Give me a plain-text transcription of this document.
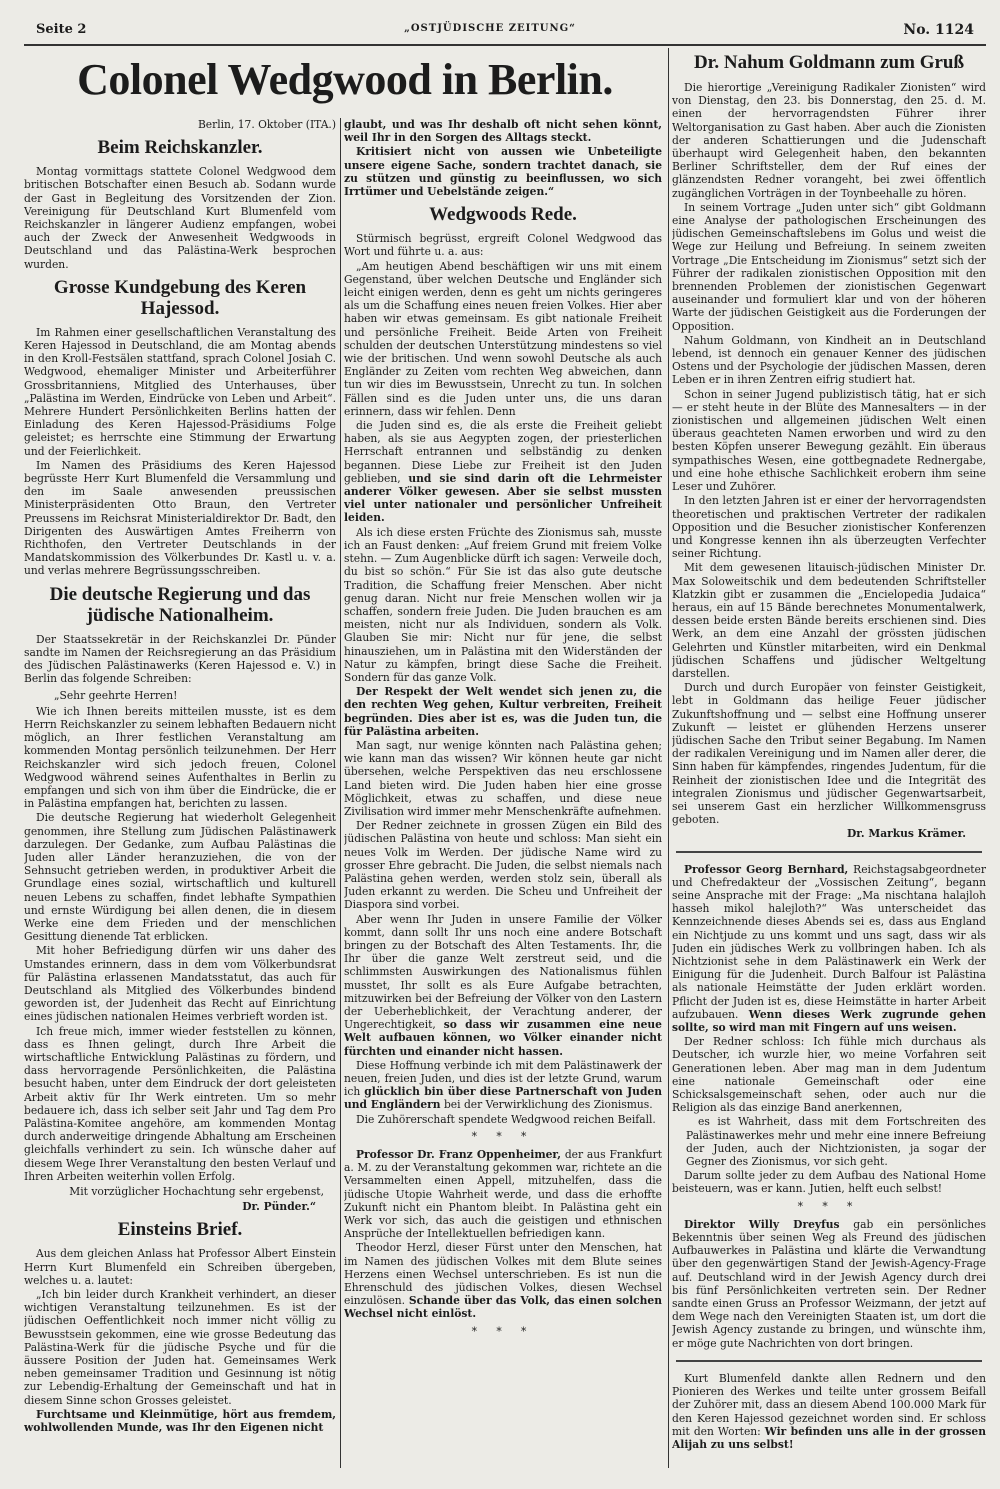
Seite 2	„OSTJÜDISCHE ZEITUNG“	No. 1124
Colonel Wedgwood in Berlin.
Berlin, 17. Oktober (ITA.)
Beim Reichskanzler.

Montag vormittags stattete Colonel Wedgwood dem britischen Botschafter einen Besuch ab. Sodann wurde der Gast in Begleitung des Vorsitzenden der Zion. Vereinigung für Deutschland Kurt Blumenfeld vom Reichskanzler in längerer Audienz empfangen, wobei auch der Zweck der Anwesenheit Wedgwoods in Deutschland und das Palästina-Werk besprochen wurden.

Grosse Kundgebung des Keren Hajessod.

Im Rahmen einer gesellschaftlichen Veranstaltung des Keren Hajessod in Deutschland, die am Montag abends in den Kroll-Festsälen stattfand, sprach Colonel Josiah C. Wedgwood, ehemaliger Minister und Arbeiterführer Grossbritanniens, Mitglied des Unterhauses, über „Palästina im Werden, Eindrücke von Leben und Arbeit“. Mehrere Hundert Persönlichkeiten Berlins hatten der Einladung des Keren Hajessod-Präsidiums Folge geleistet; es herrschte eine Stimmung der Erwartung und der Feierlichkeit.

Im Namen des Präsidiums des Keren Hajessod begrüsste Herr Kurt Blumenfeld die Versammlung und den im Saale anwesenden preussischen Ministerpräsidenten Otto Braun, den Vertreter Preussens im Reichsrat Ministerialdirektor Dr. Badt, den Dirigenten des Auswärtigen Amtes Freiherrn von Richthofen, den Vertreter Deutschlands in der Mandatskommission des Völkerbundes Dr. Kastl u. v. a. und verlas mehrere Begrüssungsschreiben.

Die deutsche Regierung und das jüdische Nationalheim.

Der Staatssekretär in der Reichskanzlei Dr. Pünder sandte im Namen der Reichsregierung an das Präsidium des Jüdischen Palästinawerks (Keren Hajessod e. V.) in Berlin das folgende Schreiben:

„Sehr geehrte Herren!

Wie ich Ihnen bereits mitteilen musste, ist es dem Herrn Reichskanzler zu seinem lebhaften Bedauern nicht möglich, an Ihrer festlichen Veranstaltung am kommenden Montag persönlich teilzunehmen. Der Herr Reichskanzler wird sich jedoch freuen, Colonel Wedgwood während seines Aufenthaltes in Berlin zu empfangen und sich von ihm über die Eindrücke, die er in Palästina empfangen hat, berichten zu lassen.

Die deutsche Regierung hat wiederholt Gelegenheit genommen, ihre Stellung zum Jüdischen Palästinawerk darzulegen. Der Gedanke, zum Aufbau Palästinas die Juden aller Länder heranzuziehen, die von der Sehnsucht getrieben werden, in produktiver Arbeit die Grundlage eines sozial, wirtschaftlich und kulturell neuen Lebens zu schaffen, findet lebhafte Sympathien und ernste Würdigung bei allen denen, die in diesem Werke eine dem Frieden und der menschlichen Gesittung dienende Tat erblicken.

Mit hoher Befriedigung dürfen wir uns daher des Umstandes erinnern, dass in dem vom Völkerbundsrat für Palästina erlassenen Mandatsstatut, das auch für Deutschland als Mitglied des Völkerbundes bindend geworden ist, der Judenheit das Recht auf Einrichtung eines jüdischen nationalen Heimes verbrieft worden ist.

Ich freue mich, immer wieder feststellen zu können, dass es Ihnen gelingt, durch Ihre Arbeit die wirtschaftliche Entwicklung Palästinas zu fördern, und dass hervorragende Persönlichkeiten, die Palästina besucht haben, unter dem Eindruck der dort geleisteten Arbeit aktiv für Ihr Werk eintreten. Um so mehr bedauere ich, dass ich selber seit Jahr und Tag dem Pro Palästina-Komitee angehöre, am kommenden Montag durch anderweitige dringende Abhaltung am Erscheinen gleichfalls verhindert zu sein. Ich wünsche daher auf diesem Wege Ihrer Veranstaltung den besten Verlauf und Ihren Arbeiten weiterhin vollen Erfolg.

Mit vorzüglicher Hochachtung sehr ergebenst,
Dr. Pünder.“
Einsteins Brief.

Aus dem gleichen Anlass hat Professor Albert Einstein Herrn Kurt Blumenfeld ein Schreiben übergeben, welches u. a. lautet:

„Ich bin leider durch Krankheit verhindert, an dieser wichtigen Veranstaltung teilzunehmen. Es ist der jüdischen Oeffentlichkeit noch immer nicht völlig zu Bewusstsein gekommen, eine wie grosse Bedeutung das Palästina-Werk für die jüdische Psyche und für die äussere Position der Juden hat. Gemeinsames Werk neben gemeinsamer Tradition und Gesinnung ist nötig zur Lebendig-Erhaltung der Gemeinschaft und hat in diesem Sinne schon Grosses geleistet.

Furchtsame und Kleinmütige, hört aus fremdem, wohlwollenden Munde, was Ihr den Eigenen nicht

glaubt, und was Ihr deshalb oft nicht sehen könnt, weil Ihr in den Sorgen des Alltags steckt.

Kritisiert nicht von aussen wie Unbeteiligte unsere eigene Sache, sondern trachtet danach, sie zu stützen und günstig zu beeinflussen, wo sich Irrtümer und Uebelstände zeigen.“

Wedgwoods Rede.

Stürmisch begrüsst, ergreift Colonel Wedgwood das Wort und führte u. a. aus:

„Am heutigen Abend beschäftigen wir uns mit einem Gegenstand, über welchen Deutsche und Engländer sich leicht einigen werden, denn es geht um nichts geringeres als um die Schaffung eines neuen freien Volkes. Hier aber haben wir etwas gemeinsam. Es gibt nationale Freiheit und persönliche Freiheit. Beide Arten von Freiheit schulden der deutschen Unterstützung mindestens so viel wie der britischen. Und wenn sowohl Deutsche als auch Engländer zu Zeiten vom rechten Weg abweichen, dann tun wir dies im Bewusstsein, Unrecht zu tun. In solchen Fällen sind es die Juden unter uns, die uns daran erinnern, dass wir fehlen. Denn

die Juden sind es, die als erste die Freiheit geliebt haben, als sie aus Aegypten zogen, der priesterlichen Herrschaft entrannen und selbständig zu denken begannen. Diese Liebe zur Freiheit ist den Juden geblieben, und sie sind darin oft die Lehrmeister anderer Völker gewesen. Aber sie selbst mussten viel unter nationaler und persönlicher Unfreiheit leiden.

Als ich diese ersten Früchte des Zionismus sah, musste ich an Faust denken: „Auf freiem Grund mit freiem Volke stehn. — Zum Augenblicke dürft ich sagen: Verweile doch, du bist so schön.“ Für Sie ist das also gute deutsche Tradition, die Schaffung freier Menschen. Aber nicht genug daran. Nicht nur freie Menschen wollen wir ja schaffen, sondern freie Juden. Die Juden brauchen es am meisten, nicht nur als Individuen, sondern als Volk. Glauben Sie mir: Nicht nur für jene, die selbst hinausziehen, um in Palästina mit den Widerständen der Natur zu kämpfen, bringt diese Sache die Freiheit. Sondern für das ganze Volk.

Der Respekt der Welt wendet sich jenen zu, die den rechten Weg gehen, Kultur verbreiten, Freiheit begründen. Dies aber ist es, was die Juden tun, die für Palästina arbeiten.

Man sagt, nur wenige könnten nach Palästina gehen; wie kann man das wissen? Wir können heute gar nicht übersehen, welche Perspektiven das neu erschlossene Land bieten wird. Die Juden haben hier eine grosse Möglichkeit, etwas zu schaffen, und diese neue Zivilisation wird immer mehr Menschenkräfte aufnehmen.

Der Redner zeichnete in grossen Zügen ein Bild des jüdischen Palästina von heute und schloss: Man sieht ein neues Volk im Werden. Der jüdische Name wird zu grosser Ehre gebracht. Die Juden, die selbst niemals nach Palästina gehen werden, werden stolz sein, überall als Juden erkannt zu werden. Die Scheu und Unfreiheit der Diaspora sind vorbei.

Aber wenn Ihr Juden in unsere Familie der Völker kommt, dann sollt Ihr uns noch eine andere Botschaft bringen zu der Botschaft des Alten Testaments. Ihr, die Ihr über die ganze Welt zerstreut seid, und die schlimmsten Auswirkungen des Nationalismus fühlen musstet, Ihr sollt es als Eure Aufgabe betrachten, mitzuwirken bei der Befreiung der Völker von den Lastern der Ueberheblichkeit, der Verachtung anderer, der Ungerechtigkeit, so dass wir zusammen eine neue Welt aufbauen können, wo Völker einander nicht fürchten und einander nicht hassen.

Diese Hoffnung verbinde ich mit dem Palästinawerk der neuen, freien Juden, und dies ist der letzte Grund, warum ich glücklich bin über diese Partnerschaft von Juden und Engländern bei der Verwirklichung des Zionismus.

Die Zuhörerschaft spendete Wedgwood reichen Beifall.

* * *

Professor Dr. Franz Oppenheimer, der aus Frankfurt a. M. zu der Veranstaltung gekommen war, richtete an die Versammelten einen Appell, mitzuhelfen, dass die jüdische Utopie Wahrheit werde, und dass die erhoffte Zukunft nicht ein Phantom bleibt. In Palästina geht ein Werk vor sich, das auch die geistigen und ethnischen Ansprüche der Intellektuellen befriedigen kann.

Theodor Herzl, dieser Fürst unter den Menschen, hat im Namen des jüdischen Volkes mit dem Blute seines Herzens einen Wechsel unterschrieben. Es ist nun die Ehrenschuld des jüdischen Volkes, diesen Wechsel einzulösen. Schande über das Volk, das einen solchen Wechsel nicht einlöst.

* * *
Dr. Nahum Goldmann zum Gruß

Die hierortige „Vereinigung Radikaler Zionisten“ wird von Dienstag, den 23. bis Donnerstag, den 25. d. M. einen der hervorragendsten Führer ihrer Weltorganisation zu Gast haben. Aber auch die Zionisten der anderen Schattierungen und die Judenschaft überhaupt wird Gelegenheit haben, den bekannten Berliner Schriftsteller, dem der Ruf eines der glänzendsten Redner vorangeht, bei zwei öffentlich zugänglichen Vorträgen in der Toynbeehalle zu hören.

In seinem Vortrage „Juden unter sich“ gibt Goldmann eine Analyse der pathologischen Erscheinungen des jüdischen Gemeinschaftslebens im Golus und weist die Wege zur Heilung und Befreiung. In seinem zweiten Vortrage „Die Entscheidung im Zionismus“ setzt sich der Führer der radikalen zionistischen Opposition mit den brennenden Problemen der zionistischen Gegenwart auseinander und formuliert klar und von der höheren Warte der jüdischen Geistigkeit aus die Forderungen der Opposition.

Nahum Goldmann, von Kindheit an in Deutschland lebend, ist dennoch ein genauer Kenner des jüdischen Ostens und der Psychologie der jüdischen Massen, deren Leben er in ihren Zentren eifrig studiert hat.

Schon in seiner Jugend publizistisch tätig, hat er sich — er steht heute in der Blüte des Mannesalters — in der zionistischen und allgemeinen jüdischen Welt einen überaus geachteten Namen erworben und wird zu den besten Köpfen unserer Bewegung gezählt. Ein überaus sympathisches Wesen, eine gottbegnadete Rednergabe, und eine hohe ethische Sachlichkeit erobern ihm seine Leser und Zuhörer.

In den letzten Jahren ist er einer der hervorragendsten theoretischen und praktischen Vertreter der radikalen Opposition und die Besucher zionistischer Konferenzen und Kongresse kennen ihn als überzeugten Verfechter seiner Richtung.

Mit dem gewesenen litauisch-jüdischen Minister Dr. Max Soloweitschik und dem bedeutenden Schriftsteller Klatzkin gibt er zusammen die „Encielopedia Judaica“ heraus, ein auf 15 Bände berechnetes Monumentalwerk, dessen beide ersten Bände bereits erschienen sind. Dies Werk, an dem eine Anzahl der grössten jüdischen Gelehrten und Künstler mitarbeiten, wird ein Denkmal jüdischen Schaffens und jüdischer Weltgeltung darstellen.

Durch und durch Europäer von feinster Geistigkeit, lebt in Goldmann das heilige Feuer jüdischer Zukunftshoffnung und — selbst eine Hoffnung unserer Zukunft — leistet er glühenden Herzens unserer jüdischen Sache den Tribut seiner Begabung. Im Namen der radikalen Vereinigung und im Namen aller derer, die Sinn haben für kämpfendes, ringendes Judentum, für die Reinheit der zionistischen Idee und die Integrität des integralen Zionismus und jüdischer Gegenwartsarbeit, sei unserem Gast ein herzlicher Willkommensgruss geboten.

Dr. Markus Krämer.

Professor Georg Bernhard, Reichstagsabgeordneter und Chefredakteur der „Vossischen Zeitung“, begann seine Ansprache mit der Frage: „Ma nischtana halajloh hasseh mikol halejloth?“ Was unterscheidet das Kennzeichnende dieses Abends sei es, dass aus England ein Nichtjude zu uns kommt und uns sagt, dass wir als Juden ein jüdisches Werk zu vollbringen haben. Ich als Nichtzionist sehe in dem Palästinawerk ein Werk der Einigung für die Judenheit. Durch Balfour ist Palästina als nationale Heimstätte der Juden erklärt worden. Pflicht der Juden ist es, diese Heimstätte in harter Arbeit aufzubauen. Wenn dieses Werk zugrunde gehen sollte, so wird man mit Fingern auf uns weisen.

Der Redner schloss: Ich fühle mich durchaus als Deutscher, ich wurzle hier, wo meine Vorfahren seit Generationen leben. Aber mag man in dem Judentum eine nationale Gemeinschaft oder eine Schicksalsgemeinschaft sehen, oder auch nur die Religion als das einzige Band anerkennen,

es ist Wahrheit, dass mit dem Fortschreiten des Palästinawerkes mehr und mehr eine innere Befreiung der Juden, auch der Nichtzionisten, ja sogar der Gegner des Zionismus, vor sich geht.

Darum sollte jeder zu dem Aufbau des National Home beisteuern, was er kann. Jutien, helft euch selbst!

* * *

Direktor Willy Dreyfus gab ein persönliches Bekenntnis über seinen Weg als Freund des jüdischen Aufbauwerkes in Palästina und klärte die Verwandtung über den gegenwärtigen Stand der Jewish-Agency-Frage auf. Deutschland wird in der Jewish Agency durch drei bis fünf Persönlichkeiten vertreten sein. Der Redner sandte einen Gruss an Professor Weizmann, der jetzt auf dem Wege nach den Vereinigten Staaten ist, um dort die Jewish Agency zustande zu bringen, und wünschte ihm, er möge gute Nachrichten von dort bringen.

Kurt Blumenfeld dankte allen Rednern und den Pionieren des Werkes und teilte unter grossem Beifall der Zuhörer mit, dass an diesem Abend 100.000 Mark für den Keren Hajessod gezeichnet worden sind. Er schloss mit den Worten: Wir befinden uns alle in der grossen Alijah zu uns selbst!
